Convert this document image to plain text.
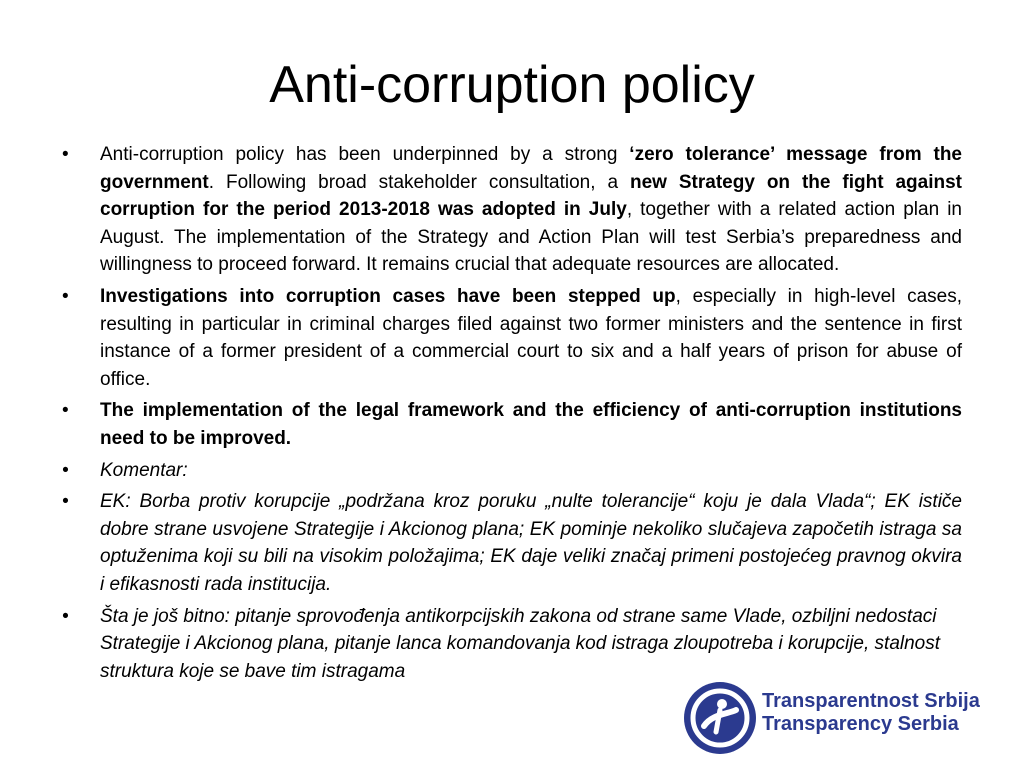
Anti-corruption policy
•	Anti-corruption policy has been underpinned by a strong ‘zero tolerance’ message from the government. Following broad stakeholder consultation, a new Strategy on the fight against corruption for the period 2013-2018 was adopted in July, together with a related action plan in August. The implementation of the Strategy and Action Plan will test Serbia’s preparedness and willingness to proceed forward. It remains crucial that adequate resources are allocated.
•	Investigations into corruption cases have been stepped up, especially in high-level cases, resulting in particular in criminal charges filed against two former ministers and the sentence in first instance of a former president of a commercial court to six and a half years of prison for abuse of office.
•	The implementation of the legal framework and the efficiency of anti-corruption institutions need to be improved.
•	Komentar:
•	EK: Borba protiv korupcije „podržana kroz poruku „nulte tolerancije“ koju je dala Vlada“; EK ističe dobre strane usvojene Strategije i Akcionog plana; EK pominje nekoliko slučajeva započetih istraga sa optuženima koji su bili na visokim položajima; EK daje veliki značaj primeni postojećeg pravnog okvira i efikasnosti rada institucija.
•	Šta je još bitno: pitanje sprovođenja antikorpcijskih zakona od strane same Vlade, ozbiljni nedostaci Strategije i Akcionog plana, pitanje lanca komandovanja kod istraga zloupotreba i korupcije, stalnost struktura koje se bave tim istragama
Transparentnost Srbija
Transparency Serbia
